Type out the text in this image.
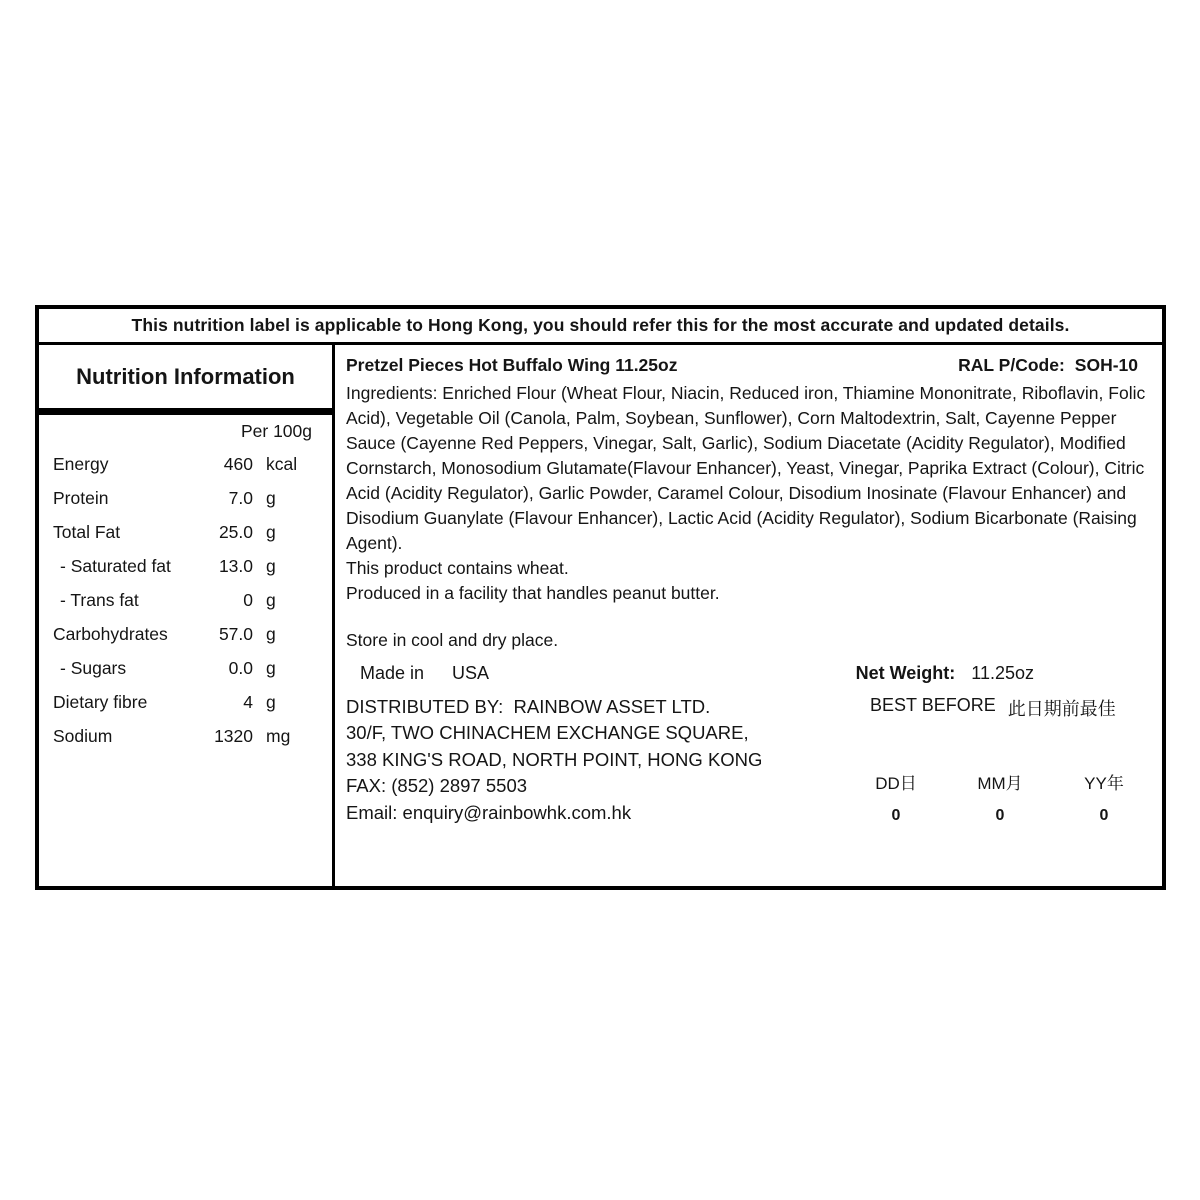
This nutrition label is applicable to Hong Kong, you should refer this for the most accurate and updated details.
Nutrition Information
Per 100g
Energy	460 kcal
Protein	7.0 g
Total Fat	25.0 g
- Saturated fat	13.0 g
- Trans fat	0 g
Carbohydrates	57.0 g
- Sugars	0.0 g
Dietary fibre	4 g
Sodium	1320 mg
Pretzel Pieces Hot Buffalo Wing 11.25oz	RAL P/Code: SOH-10
Ingredients: Enriched Flour (Wheat Flour, Niacin, Reduced iron, Thiamine Mononitrate, Riboflavin, Folic Acid), Vegetable Oil (Canola, Palm, Soybean, Sunflower), Corn Maltodextrin, Salt, Cayenne Pepper Sauce (Cayenne Red Peppers, Vinegar, Salt, Garlic), Sodium Diacetate (Acidity Regulator), Modified Cornstarch, Monosodium Glutamate(Flavour Enhancer), Yeast, Vinegar, Paprika Extract (Colour), Citric Acid (Acidity Regulator), Garlic Powder, Caramel Colour, Disodium Inosinate (Flavour Enhancer) and Disodium Guanylate (Flavour Enhancer), Lactic Acid (Acidity Regulator), Sodium Bicarbonate (Raising Agent).
This product contains wheat.
Produced in a facility that handles peanut butter.
Store in cool and dry place.
Made in USA	Net Weight: 11.25oz
DISTRIBUTED BY:  RAINBOW ASSET LTD.
30/F, TWO CHINACHEM EXCHANGE SQUARE,
338 KING'S ROAD, NORTH POINT, HONG KONG
FAX: (852) 2897 5503
Email: enquiry@rainbowhk.com.hk
BEST BEFORE 此日期前最佳
DD日	MM月	YY年
0	0	0
